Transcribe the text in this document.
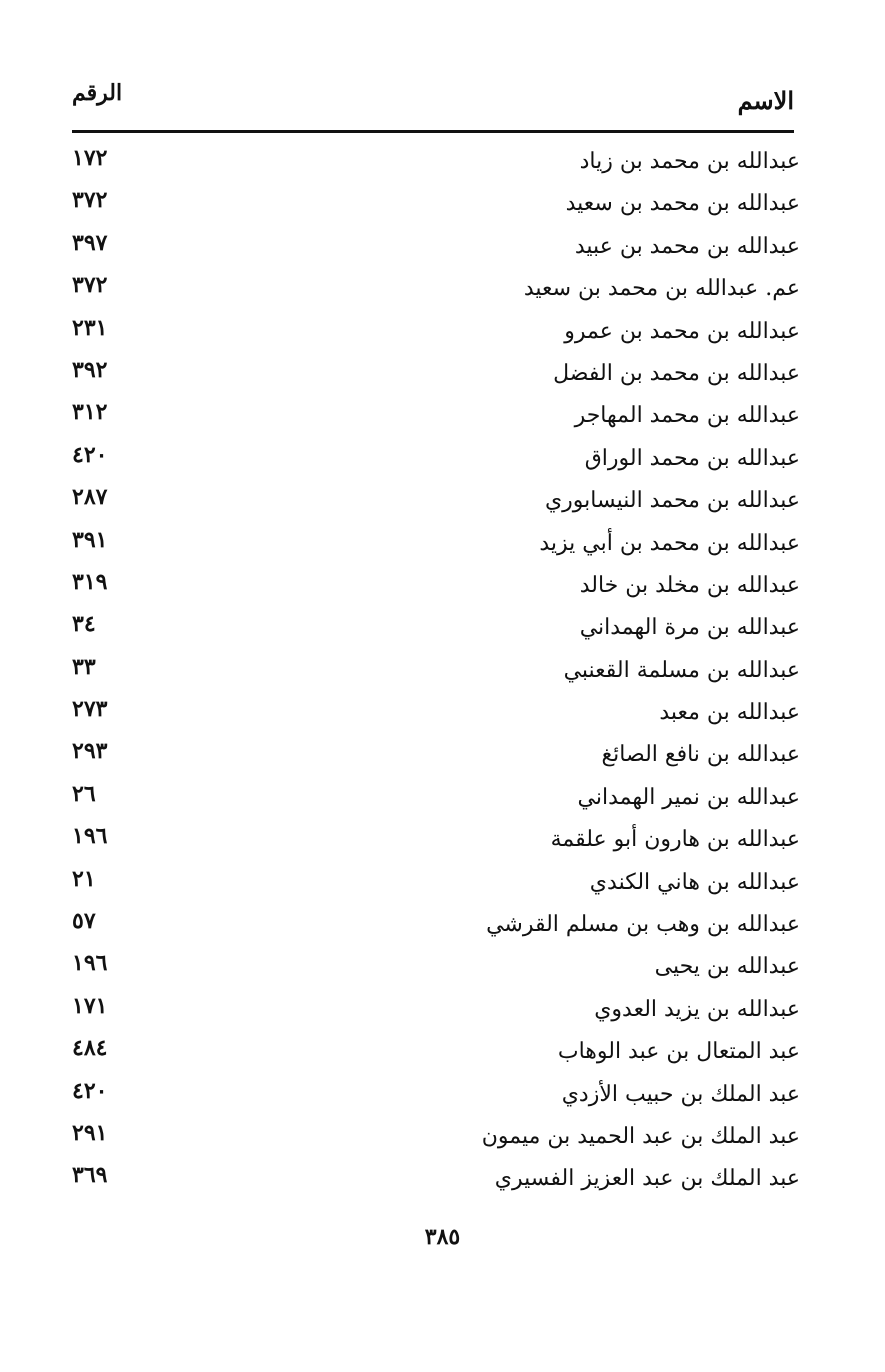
الاسم
الرقم
عبدالله بن محمد بن زياد
١٧٢
عبدالله بن محمد بن سعيد
٣٧٢
عبدالله بن محمد بن عبيد
٣٩٧
عم. عبدالله بن محمد بن سعيد
٣٧٢
عبدالله بن محمد بن عمرو
٢٣١
عبدالله بن محمد بن الفضل
٣٩٢
عبدالله بن محمد المهاجر
٣١٢
عبدالله بن محمد الوراق
٤٢٠
عبدالله بن محمد النيسابوري
٢٨٧
عبدالله بن محمد بن أبي يزيد
٣٩١
عبدالله بن مخلد بن خالد
٣١٩
عبدالله بن مرة الهمداني
٣٤
عبدالله بن مسلمة القعنبي
٣٣
عبدالله بن معبد
٢٧٣
عبدالله بن نافع الصائغ
٢٩٣
عبدالله بن نمير الهمداني
٢٦
عبدالله بن هارون أبو علقمة
١٩٦
عبدالله بن هاني الكندي
٢١
عبدالله بن وهب بن مسلم القرشي
٥٧
عبدالله بن يحيى
١٩٦
عبدالله بن يزيد العدوي
١٧١
عبد المتعال بن عبد الوهاب
٤٨٤
عبد الملك بن حبيب الأزدي
٤٢٠
عبد الملك بن عبد الحميد بن ميمون
٢٩١
عبد الملك بن عبد العزيز الفسيري
٣٦٩
٣٨٥
